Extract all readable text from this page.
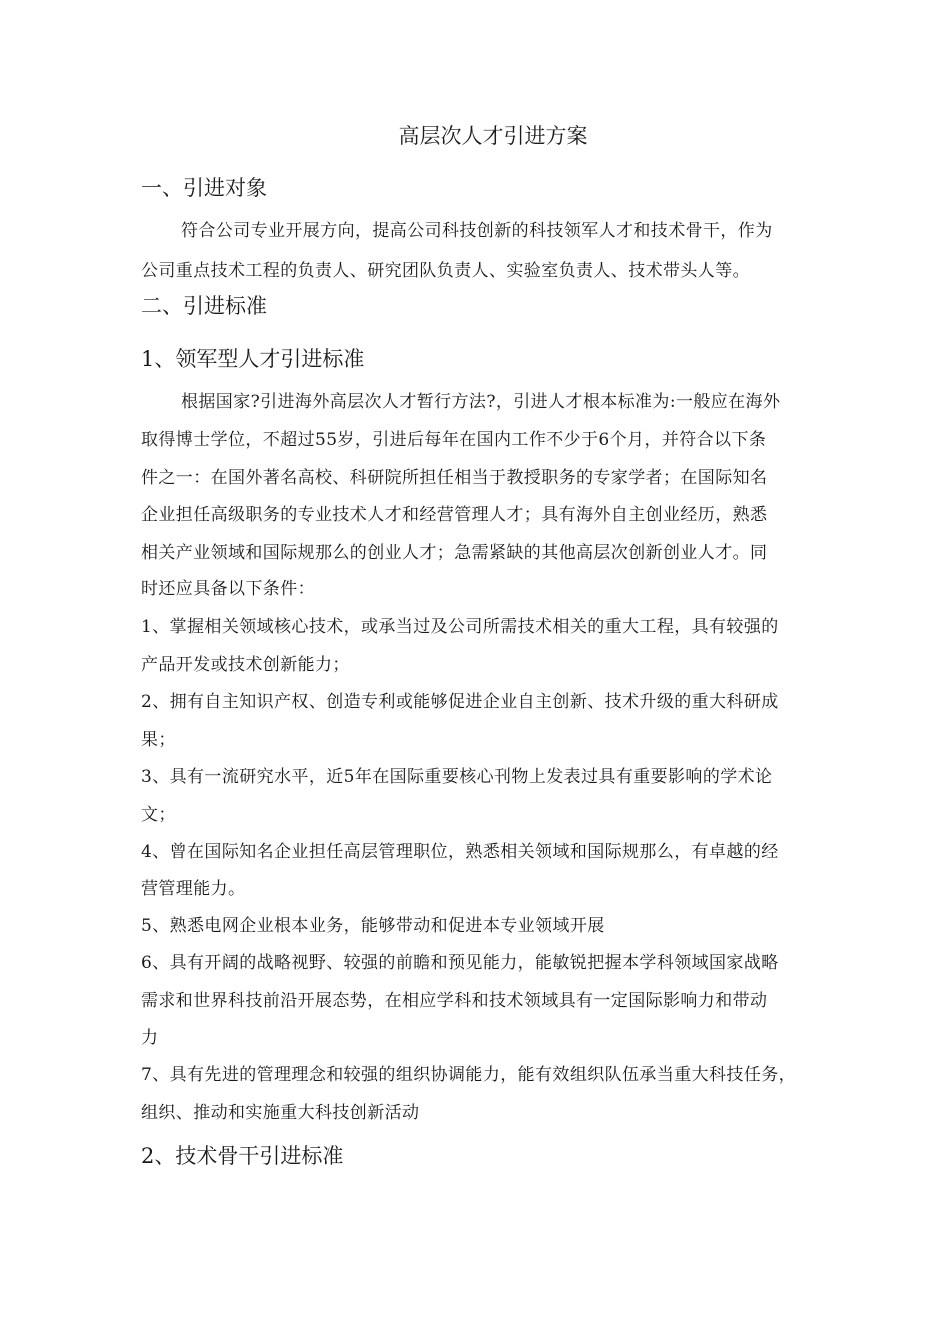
高层次人才引进方案
一、引进对象
符合公司专业开展方向，提高公司科技创新的科技领军人才和技术骨干，作为
公司重点技术工程的负责人、研究团队负责人、实验室负责人、技术带头人等。
二、引进标准
1、领军型人才引进标准
根据国家?引进海外高层次人才暂行方法?，引进人才根本标准为:一般应在海外
取得博士学位，不超过55岁，引进后每年在国内工作不少于6个月，并符合以下条
件之一：在国外著名高校、科研院所担任相当于教授职务的专家学者；在国际知名
企业担任高级职务的专业技术人才和经营管理人才；具有海外自主创业经历，熟悉
相关产业领域和国际规那么的创业人才；急需紧缺的其他高层次创新创业人才。同
时还应具备以下条件：
1、掌握相关领域核心技术，或承当过及公司所需技术相关的重大工程，具有较强的
产品开发或技术创新能力；
2、拥有自主知识产权、创造专利或能够促进企业自主创新、技术升级的重大科研成
果；
3、具有一流研究水平，近5年在国际重要核心刊物上发表过具有重要影响的学术论
文；
4、曾在国际知名企业担任高层管理职位，熟悉相关领域和国际规那么，有卓越的经
营管理能力。
5、熟悉电网企业根本业务，能够带动和促进本专业领域开展
6、具有开阔的战略视野、较强的前瞻和预见能力，能敏锐把握本学科领域国家战略
需求和世界科技前沿开展态势，在相应学科和技术领域具有一定国际影响力和带动
力
7、具有先进的管理理念和较强的组织协调能力，能有效组织队伍承当重大科技任务，
组织、推动和实施重大科技创新活动
2、技术骨干引进标准
